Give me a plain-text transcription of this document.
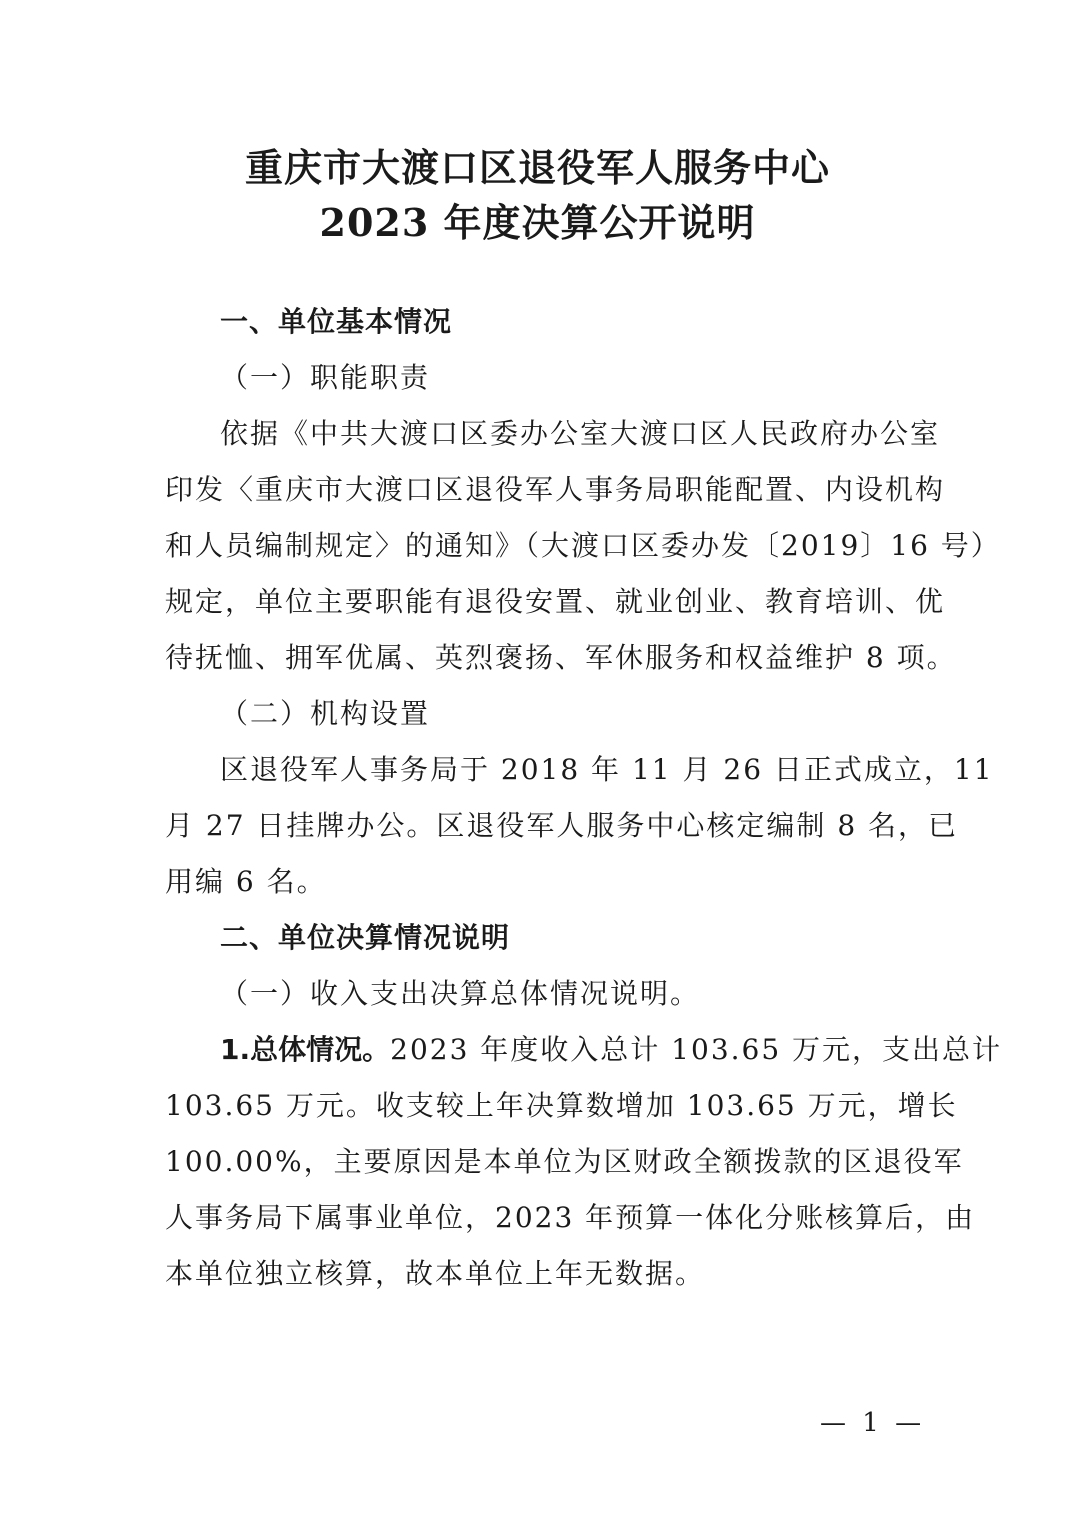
重庆市大渡口区退役军人服务中心
2023 年度决算公开说明
一、单位基本情况
（一）职能职责
依据《中共大渡口区委办公室大渡口区人民政府办公室
印发〈重庆市大渡口区退役军人事务局职能配置、内设机构
和人员编制规定〉的通知》（大渡口区委办发〔2019〕16 号）
规定，单位主要职能有退役安置、就业创业、教育培训、优
待抚恤、拥军优属、英烈褒扬、军休服务和权益维护 8 项。
（二）机构设置
区退役军人事务局于 2018 年 11 月 26 日正式成立，11
月 27 日挂牌办公。区退役军人服务中心核定编制 8 名，已
用编 6 名。
二、单位决算情况说明
（一）收入支出决算总体情况说明。
1.总体情况。2023 年度收入总计 103.65 万元，支出总计
103.65 万元。收支较上年决算数增加 103.65 万元，增长
100.00%，主要原因是本单位为区财政全额拨款的区退役军
人事务局下属事业单位，2023 年预算一体化分账核算后，由
本单位独立核算，故本单位上年无数据。
— 1 —
